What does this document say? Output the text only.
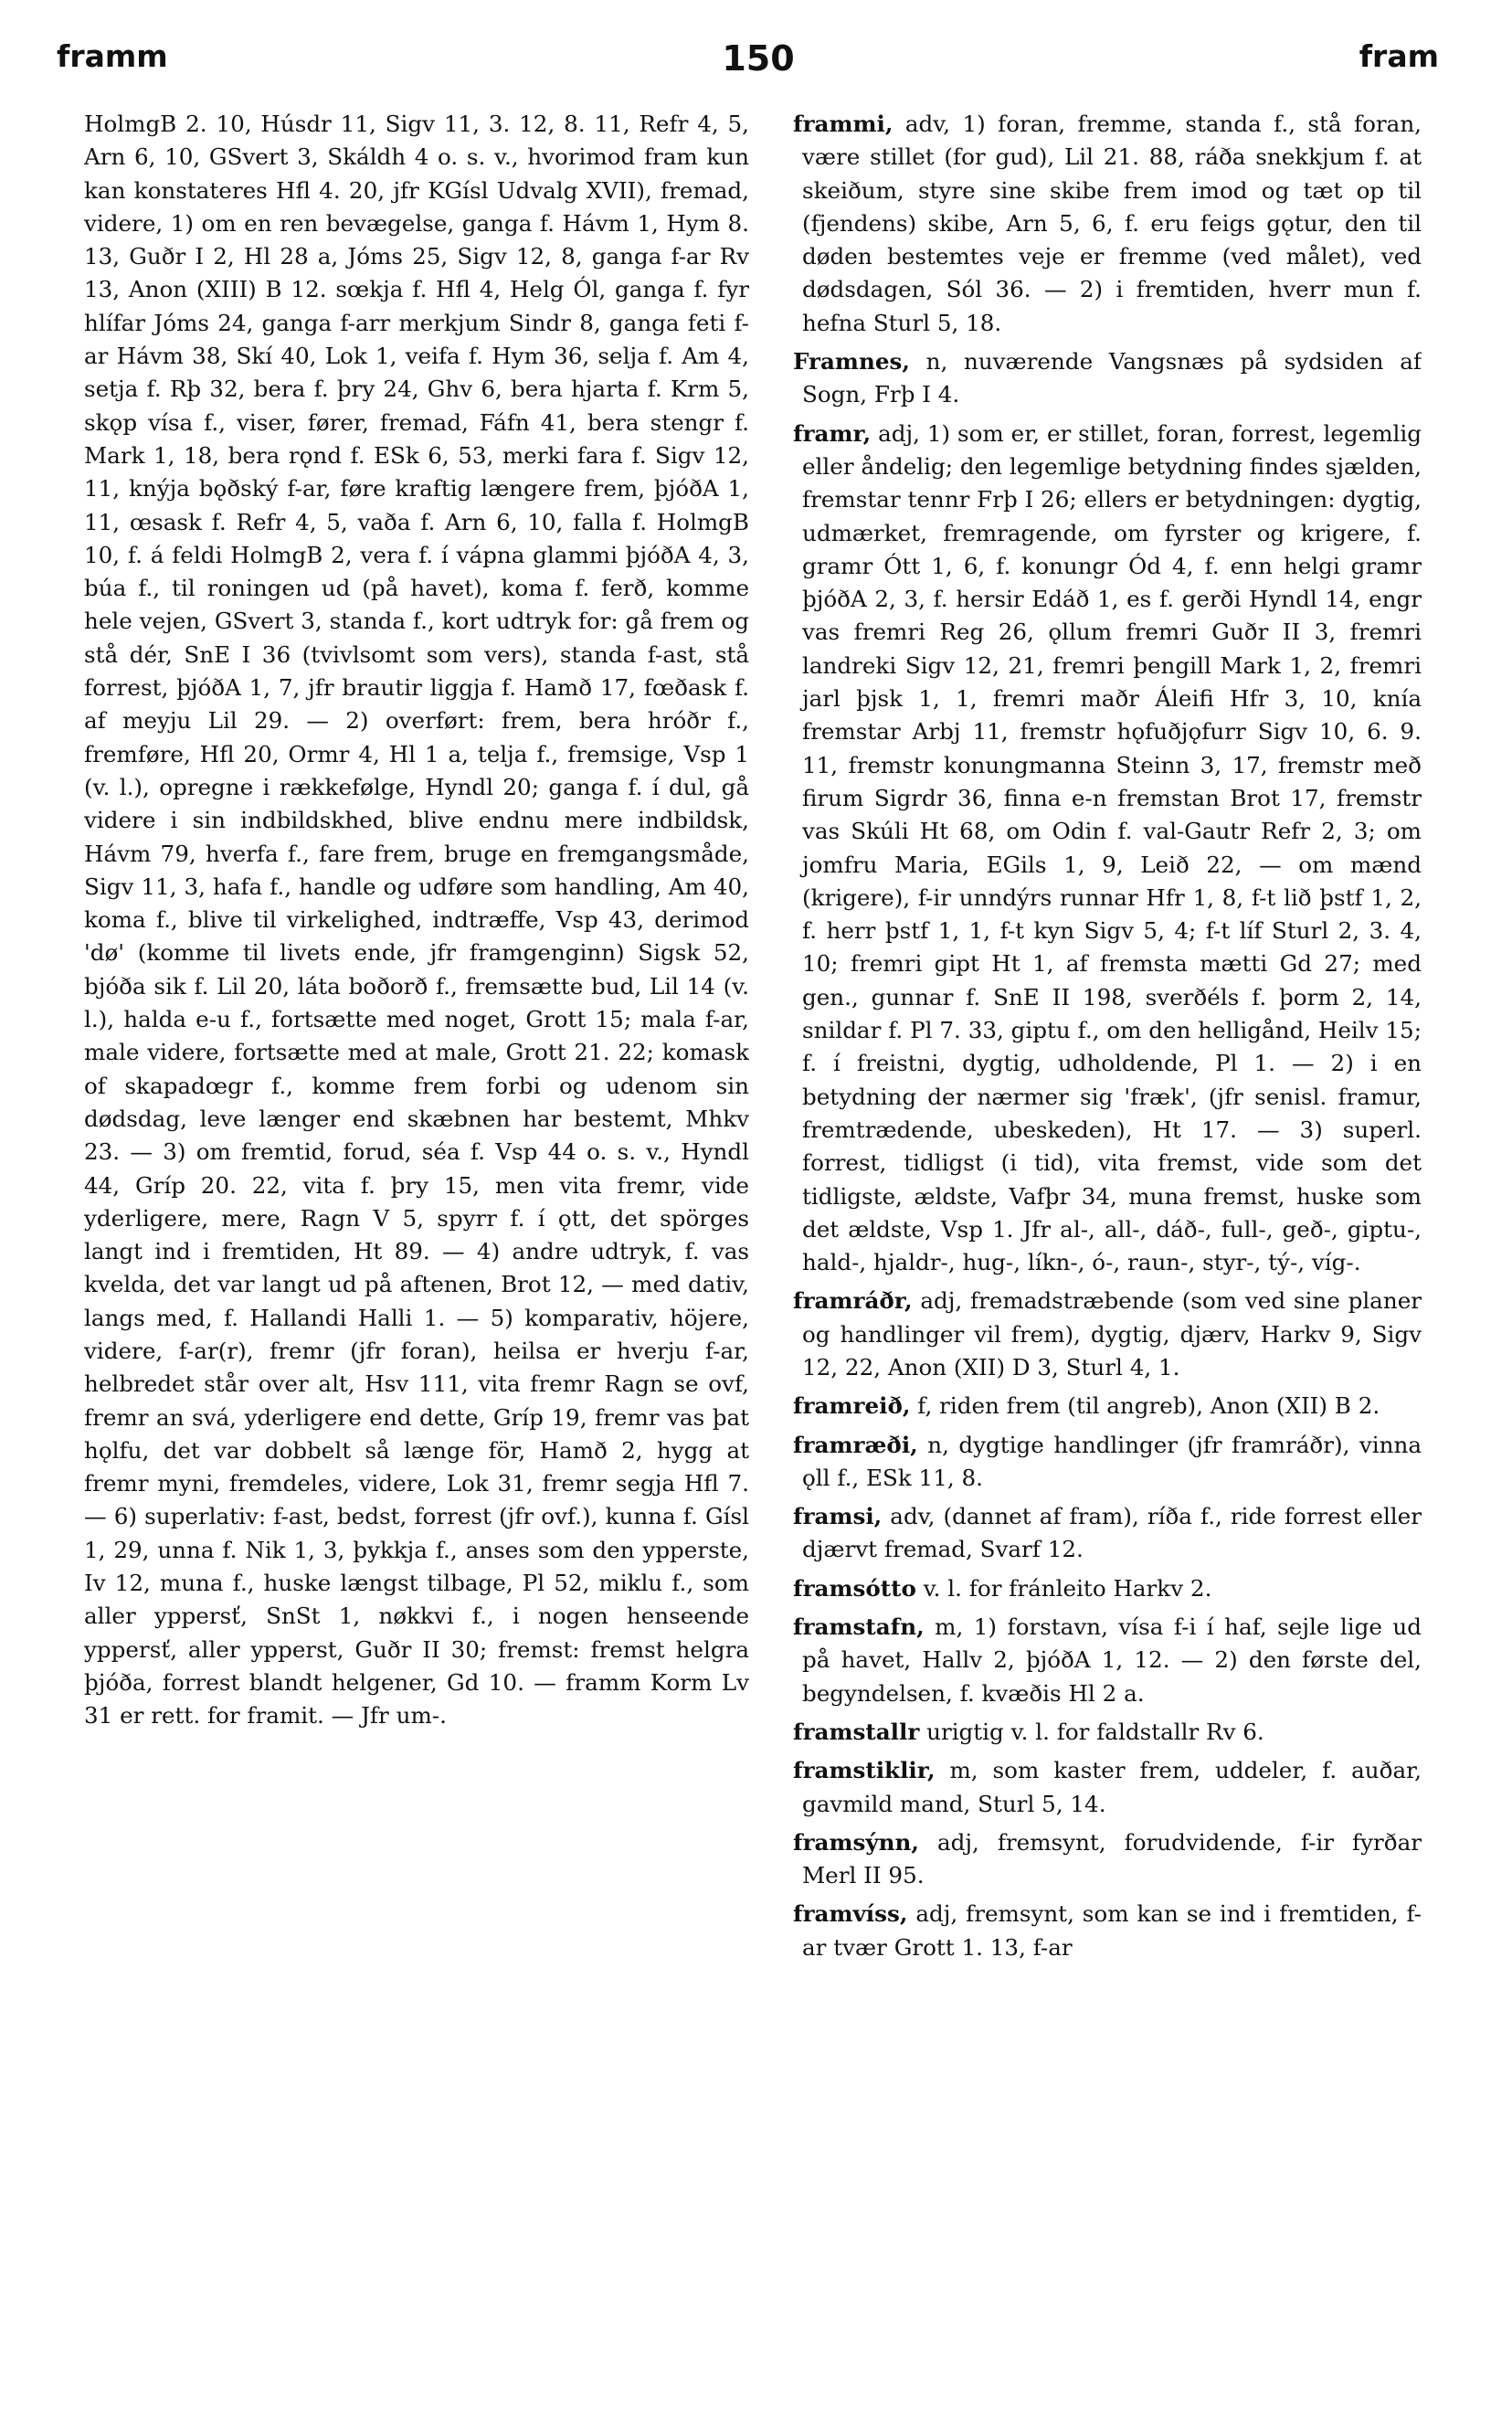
framm	150	fram

HolmgB 2. 10, Húsdr 11, Sigv 11, 3. 12, 8. 11, Refr 4, 5, Arn 6, 10, GSvert 3, Skáldh 4 o. s. v., hvorimod fram kun kan konstateres Hfl 4. 20, jfr KGísl Udvalg XVII), fremad, videre, 1) om en ren bevægelse, ganga f. Hávm 1, Hym 8. 13, Guðr I 2, Hl 28 a, Jóms 25, Sigv 12, 8, ganga f-ar Rv 13, Anon (XIII) B 12. sœkja f. Hfl 4, Helg Ól, ganga f. fyr hlífar Jóms 24, ganga f-arr merkjum Sindr 8, ganga feti f-ar Hávm 38, Skí 40, Lok 1, veifa f. Hym 36, selja f. Am 4, setja f. Rþ 32, bera f. þry 24, Ghv 6, bera hjarta f. Krm 5, skǫp vísa f., viser, fører, fremad, Fáfn 41, bera stengr f. Mark 1, 18, bera rǫnd f. ESk 6, 53, merki fara f. Sigv 12, 11, knýja bǫðský f-ar, føre kraftig længere frem, þjóðA 1, 11, œsask f. Refr 4, 5, vaða f. Arn 6, 10, falla f. HolmgB 10, f. á feldi HolmgB 2, vera f. í vápna glammi þjóðA 4, 3, búa f., til roningen ud (på havet), koma f. ferð, komme hele vejen, GSvert 3, standa f., kort udtryk for: gå frem og stå dér, SnE I 36 (tvivlsomt som vers), standa f-ast, stå forrest, þjóðA 1, 7, jfr brautir liggja f. Hamð 17, fœðask f. af meyju Lil 29. — 2) overført: frem, bera hróðr f., fremføre, Hfl 20, Ormr 4, Hl 1 a, telja f., fremsige, Vsp 1 (v. l.), opregne i rækkefølge, Hyndl 20; ganga f. í dul, gå videre i sin indbildskhed, blive endnu mere indbildsk, Hávm 79, hverfa f., fare frem, bruge en fremgangsmåde, Sigv 11, 3, hafa f., handle og udføre som handling, Am 40, koma f., blive til virkelighed, indtræffe, Vsp 43, derimod 'dø' (komme til livets ende, jfr framgenginn) Sigsk 52, bjóða sik f. Lil 20, láta boðorð f., fremsætte bud, Lil 14 (v. l.), halda e-u f., fortsætte med noget, Grott 15; mala f-ar, male videre, fortsætte med at male, Grott 21. 22; komask of skapadœgr f., komme frem forbi og udenom sin dødsdag, leve længer end skæbnen har bestemt, Mhkv 23. — 3) om fremtid, forud, séa f. Vsp 44 o. s. v., Hyndl 44, Gríp 20. 22, vita f. þry 15, men vita fremr, vide yderligere, mere, Ragn V 5, spyrr f. í ǫtt, det spörges langt ind i fremtiden, Ht 89. — 4) andre udtryk, f. vas kvelda, det var langt ud på aftenen, Brot 12, — med dativ, langs med, f. Hallandi Halli 1. — 5) komparativ, höjere, videre, f-ar(r), fremr (jfr foran), heilsa er hverju f-ar, helbredet står over alt, Hsv 111, vita fremr Ragn se ovf, fremr an svá, yderligere end dette, Gríp 19, fremr vas þat hǫlfu, det var dobbelt så længe för, Hamð 2, hygg at fremr myni, fremdeles, videre, Lok 31, fremr segja Hfl 7. — 6) superlativ: f-ast, bedst, forrest (jfr ovf.), kunna f. Gísl 1, 29, unna f. Nik 1, 3, þykkja f., anses som den ypperste, Iv 12, muna f., huske længst tilbage, Pl 52, miklu f., som aller yppersť, SnSt 1, nøkkvi f., i nogen henseende yppersť, aller ypperst, Guðr II 30; fremst: fremst helgra þjóða, forrest blandt helgener, Gd 10. — framm Korm Lv 31 er rett. for framit. — Jfr um-.

frammi, adv, 1) foran, fremme, standa f., stå foran, være stillet (for gud), Lil 21. 88, ráða snekkjum f. at skeiðum, styre sine skibe frem imod og tæt op til (fjendens) skibe, Arn 5, 6, f. eru feigs gǫtur, den til døden bestemtes veje er fremme (ved målet), ved dødsdagen, Sól 36. — 2) i fremtiden, hverr mun f. hefna Sturl 5, 18.

Framnes, n, nuværende Vangsnæs på sydsiden af Sogn, Frþ I 4.

framr, adj, 1) som er, er stillet, foran, forrest, legemlig eller åndelig; den legemlige betydning findes sjælden, fremstar tennr Frþ I 26; ellers er betydningen: dygtig, udmærket, fremragende, om fyrster og krigere, f. gramr Ótt 1, 6, f. konungr Ód 4, f. enn helgi gramr þjóðA 2, 3, f. hersir Edáð 1, es f. gerði Hyndl 14, engr vas fremri Reg 26, ǫllum fremri Guðr II 3, fremri landreki Sigv 12, 21, fremri þengill Mark 1, 2, fremri jarl þjsk 1, 1, fremri maðr Áleifi Hfr 3, 10, knía fremstar Arbj 11, fremstr hǫfuðjǫfurr Sigv 10, 6. 9. 11, fremstr konungmanna Steinn 3, 17, fremstr með firum Sigrdr 36, finna e-n fremstan Brot 17, fremstr vas Skúli Ht 68, om Odin f. val-Gautr Refr 2, 3; om jomfru Maria, EGils 1, 9, Leið 22, — om mænd (krigere), f-ir unndýrs runnar Hfr 1, 8, f-t lið þstf 1, 2, f. herr þstf 1, 1, f-t kyn Sigv 5, 4; f-t líf Sturl 2, 3. 4, 10; fremri gipt Ht 1, af fremsta mætti Gd 27; med gen., gunnar f. SnE II 198, sverðéls f. þorm 2, 14, snildar f. Pl 7. 33, giptu f., om den helligånd, Heilv 15; f. í freistni, dygtig, udholdende, Pl 1. — 2) i en betydning der nærmer sig 'fræk', (jfr senisl. framur, fremtrædende, ubeskeden), Ht 17. — 3) superl. forrest, tidligst (i tid), vita fremst, vide som det tidligste, ældste, Vafþr 34, muna fremst, huske som det ældste, Vsp 1. Jfr al-, all-, dáð-, full-, geð-, giptu-, hald-, hjaldr-, hug-, líkn-, ó-, raun-, styr-, tý-, víg-.

framráðr, adj, fremadstræbende (som ved sine planer og handlinger vil frem), dygtig, djærv, Harkv 9, Sigv 12, 22, Anon (XII) D 3, Sturl 4, 1.

framreið, f, riden frem (til angreb), Anon (XII) B 2.

framræði, n, dygtige handlinger (jfr framráðr), vinna ǫll f., ESk 11, 8.

framsi, adv, (dannet af fram), ríða f., ride forrest eller djærvt fremad, Svarf 12.

framsótto v. l. for fránleito Harkv 2.

framstafn, m, 1) forstavn, vísa f-i í haf, sejle lige ud på havet, Hallv 2, þjóðA 1, 12. — 2) den første del, begyndelsen, f. kvæðis Hl 2 a.

framstallr urigtig v. l. for faldstallr Rv 6.

framstiklir, m, som kaster frem, uddeler, f. auðar, gavmild mand, Sturl 5, 14.

framsýnn, adj, fremsynt, forudvidende, f-ir fyrðar Merl II 95.

framvíss, adj, fremsynt, som kan se ind i fremtiden, f-ar tvær Grott 1. 13, f-ar
